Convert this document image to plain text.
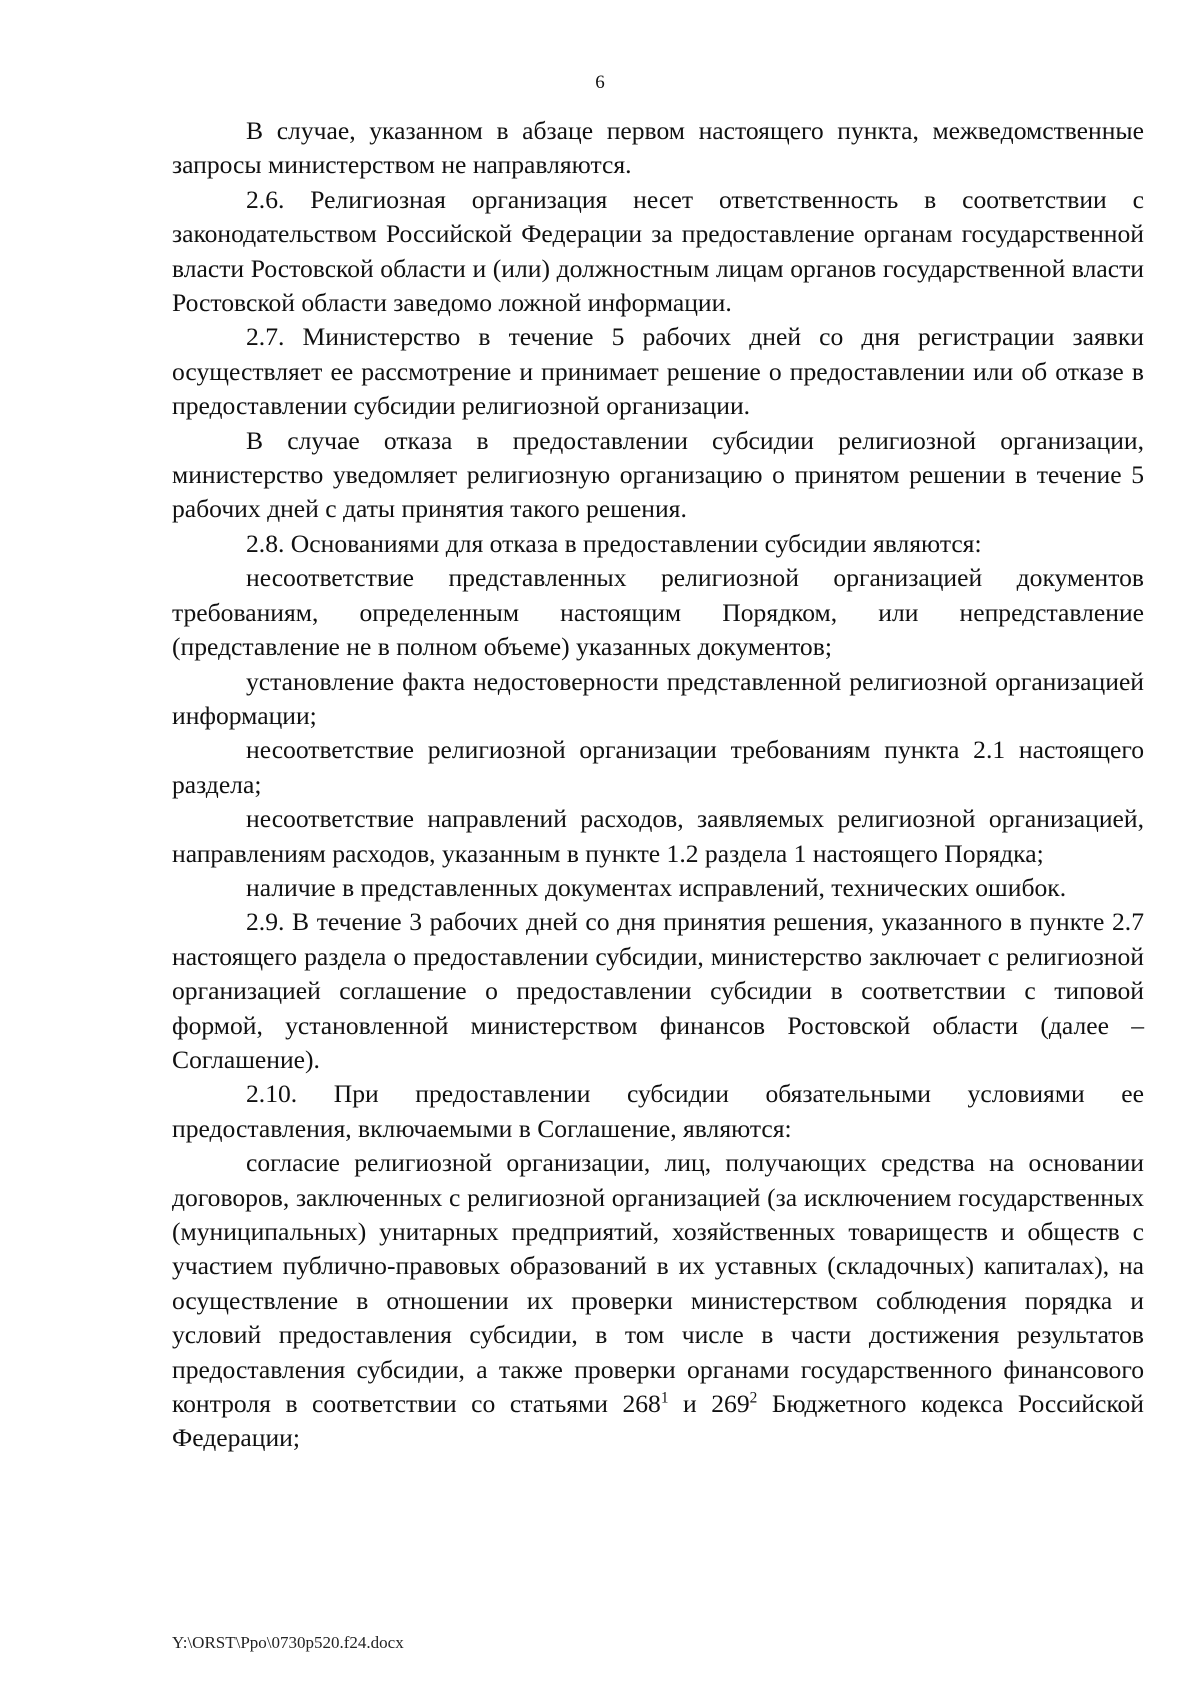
6

В случае, указанном в абзаце первом настоящего пункта, межведомственные запросы министерством не направляются.

2.6. Религиозная организация несет ответственность в соответствии с законодательством Российской Федерации за предоставление органам государственной власти Ростовской области и (или) должностным лицам органов государственной власти Ростовской области заведомо ложной информации.

2.7. Министерство в течение 5 рабочих дней со дня регистрации заявки осуществляет ее рассмотрение и принимает решение о предоставлении или об отказе в предоставлении субсидии религиозной организации.

В случае отказа в предоставлении субсидии религиозной организации, министерство уведомляет религиозную организацию о принятом решении в течение 5 рабочих дней с даты принятия такого решения.

2.8. Основаниями для отказа в предоставлении субсидии являются:

несоответствие представленных религиозной организацией документов требованиям, определенным настоящим Порядком, или непредставление (представление не в полном объеме) указанных документов;

установление факта недостоверности представленной религиозной организацией информации;

несоответствие религиозной организации требованиям пункта 2.1 настоящего раздела;

несоответствие направлений расходов, заявляемых религиозной организацией, направлениям расходов, указанным в пункте 1.2 раздела 1 настоящего Порядка;

наличие в представленных документах исправлений, технических ошибок.

2.9. В течение 3 рабочих дней со дня принятия решения, указанного в пункте 2.7 настоящего раздела о предоставлении субсидии, министерство заключает с религиозной организацией соглашение о предоставлении субсидии в соответствии с типовой формой, установленной министерством финансов Ростовской области (далее – Соглашение).

2.10. При предоставлении субсидии обязательными условиями ее предоставления, включаемыми в Соглашение, являются:

согласие религиозной организации, лиц, получающих средства на основании договоров, заключенных с религиозной организацией (за исключением государственных (муниципальных) унитарных предприятий, хозяйственных товариществ и обществ с участием публично-правовых образований в их уставных (складочных) капиталах), на осуществление в отношении их проверки министерством соблюдения порядка и условий предоставления субсидии, в том числе в части достижения результатов предоставления субсидии, а также проверки органами государственного финансового контроля в соответствии со статьями $268^1$ и $269^2$ Бюджетного кодекса Российской Федерации;

Y:\ORST\Ppo\0730p520.f24.docx
